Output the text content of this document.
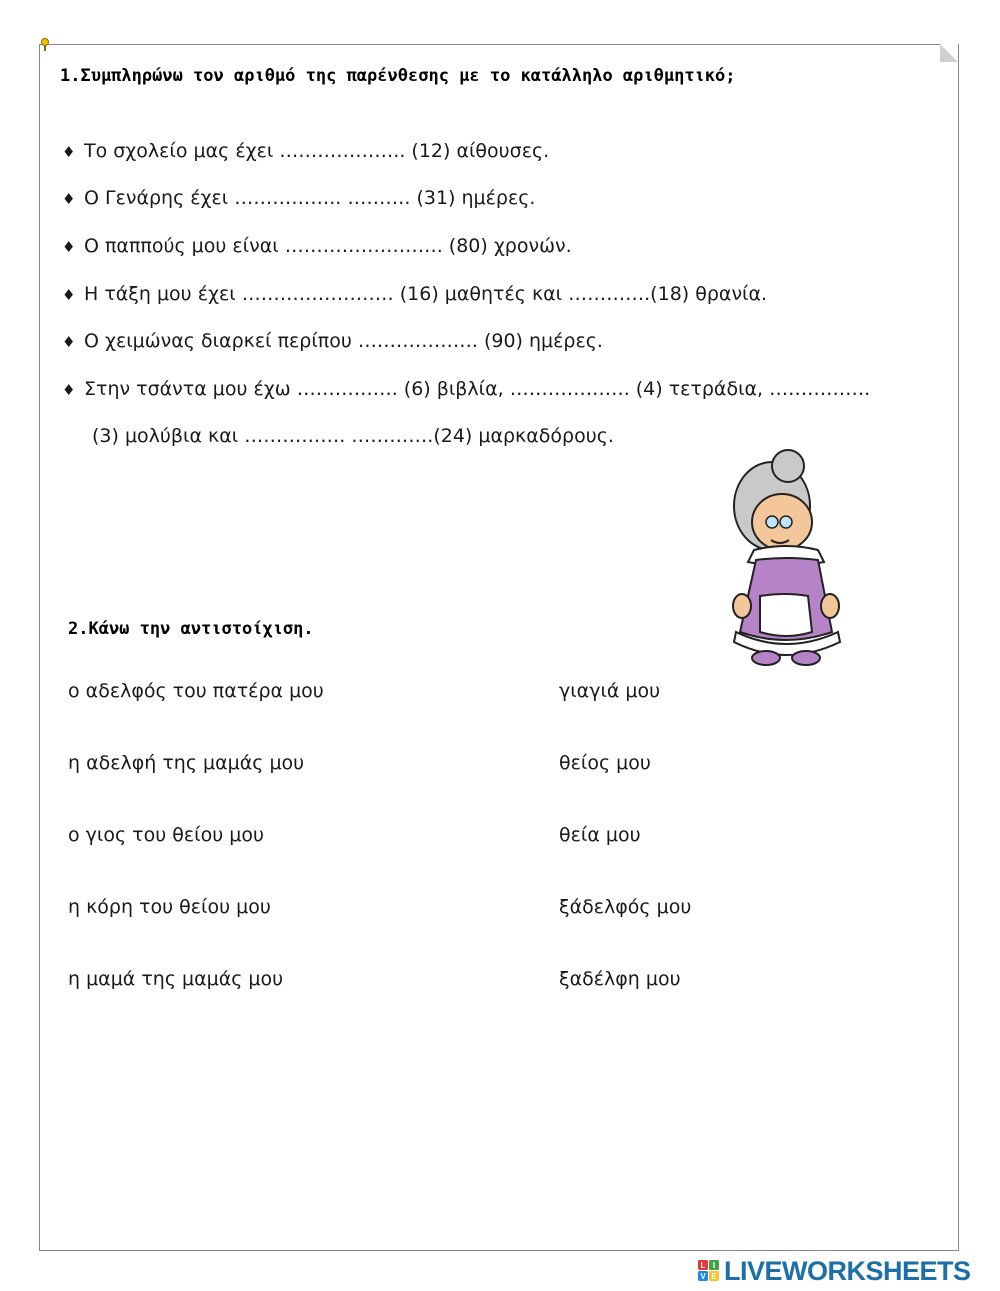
1.Συμπληρώνω τον αριθμό της παρένθεσης με το κατάλληλο αριθμητικό;
♦ Το σχολείο μας έχει ……………….. (12) αίθουσες.
♦ Ο Γενάρης έχει …………….. ………. (31) ημέρες.
♦ Ο παππούς μου είναι ……………………. (80) χρονών.
♦ Η τάξη μου έχει …………………… (16) μαθητές και ………….(18) θρανία.
♦ Ο χειμώνας διαρκεί περίπου ………………. (90) ημέρες.
♦ Στην τσάντα μου έχω ……………. (6) βιβλία, ………………. (4) τετράδια, …………….
(3) μολύβια και ……………. ………….(24) μαρκαδόρους.
2.Κάνω την αντιστοίχιση.
ο αδελφός του πατέρα μου
η αδελφή της μαμάς μου
ο γιος του θείου μου
η κόρη του θείου μου
η μαμά της μαμάς μου
γιαγιά μου
θείος μου
θεία μου
ξάδελφός μου
ξαδέλφη μου
L I
V E LIVEWORKSHEETS
